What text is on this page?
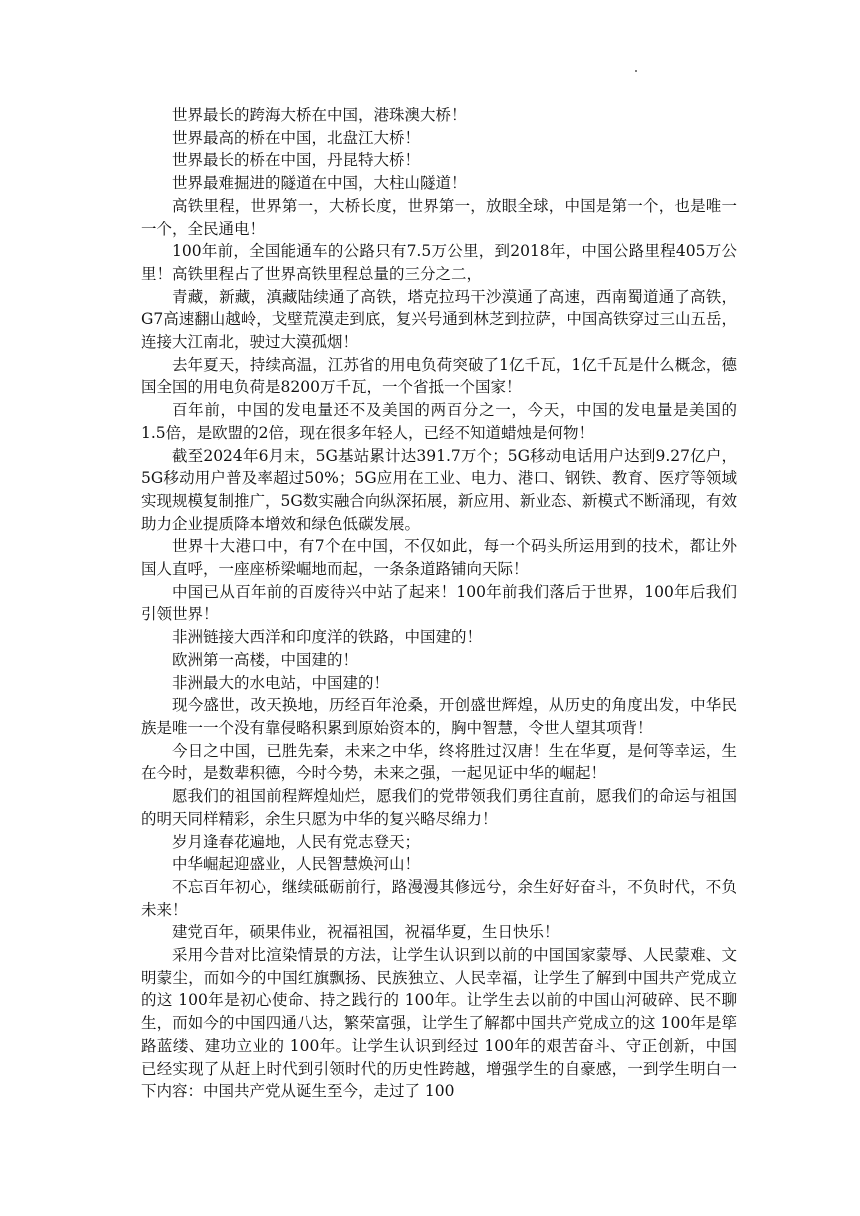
世界最长的跨海大桥在中国，港珠澳大桥！

世界最高的桥在中国，北盘江大桥！

世界最长的桥在中国，丹昆特大桥！

世界最难掘进的隧道在中国，大柱山隧道！

高铁里程，世界第一，大桥长度，世界第一，放眼全球，中国是第一个，也是唯一一个，全民通电！

100年前，全国能通车的公路只有7.5万公里，到2018年，中国公路里程405万公里！高铁里程占了世界高铁里程总量的三分之二，

青藏，新藏，滇藏陆续通了高铁，塔克拉玛干沙漠通了高速，西南蜀道通了高铁，G7高速翻山越岭，戈壁荒漠走到底，复兴号通到林芝到拉萨，中国高铁穿过三山五岳，连接大江南北，驶过大漠孤烟！

去年夏天，持续高温，江苏省的用电负荷突破了1亿千瓦，1亿千瓦是什么概念，德国全国的用电负荷是8200万千瓦，一个省抵一个国家！

百年前，中国的发电量还不及美国的两百分之一，今天，中国的发电量是美国的1.5倍，是欧盟的2倍，现在很多年轻人，已经不知道蜡烛是何物！

截至2024年6月末，5G基站累计达391.7万个；5G移动电话用户达到9.27亿户，5G移动用户普及率超过50%；5G应用在工业、电力、港口、钢铁、教育、医疗等领域实现规模复制推广，5G数实融合向纵深拓展，新应用、新业态、新模式不断涌现，有效助力企业提质降本增效和绿色低碳发展。

世界十大港口中，有7个在中国，不仅如此，每一个码头所运用到的技术，都让外国人直呼，一座座桥梁崛地而起，一条条道路铺向天际！

中国已从百年前的百废待兴中站了起来！100年前我们落后于世界，100年后我们引领世界！

非洲链接大西洋和印度洋的铁路，中国建的！

欧洲第一高楼，中国建的！

非洲最大的水电站，中国建的！

现今盛世，改天换地，历经百年沧桑，开创盛世辉煌，从历史的角度出发，中华民族是唯一一个没有靠侵略积累到原始资本的，胸中智慧，令世人望其项背！

今日之中国，已胜先秦，未来之中华，终将胜过汉唐！生在华夏，是何等幸运，生在今时，是数辈积德，今时今势，未来之强，一起见证中华的崛起！

愿我们的祖国前程辉煌灿烂，愿我们的党带领我们勇往直前，愿我们的命运与祖国的明天同样精彩，余生只愿为中华的复兴略尽绵力！

岁月逢春花遍地，人民有党志登天；

中华崛起迎盛业，人民智慧焕河山！

不忘百年初心，继续砥砺前行，路漫漫其修远兮，余生好好奋斗，不负时代，不负未来！

建党百年，硕果伟业，祝福祖国，祝福华夏，生日快乐！

采用今昔对比渲染情景的方法，让学生认识到以前的中国国家蒙辱、人民蒙难、文明蒙尘，而如今的中国红旗飘扬、民族独立、人民幸福，让学生了解到中国共产党成立的这 100年是初心使命、持之践行的 100年。让学生去以前的中国山河破碎、民不聊生，而如今的中国四通八达，繁荣富强，让学生了解都中国共产党成立的这 100年是筚路蓝缕、建功立业的 100年。让学生认识到经过 100年的艰苦奋斗、守正创新，中国已经实现了从赶上时代到引领时代的历史性跨越，增强学生的自豪感，一到学生明白一下内容：中国共产党从诞生至今，走过了 100
